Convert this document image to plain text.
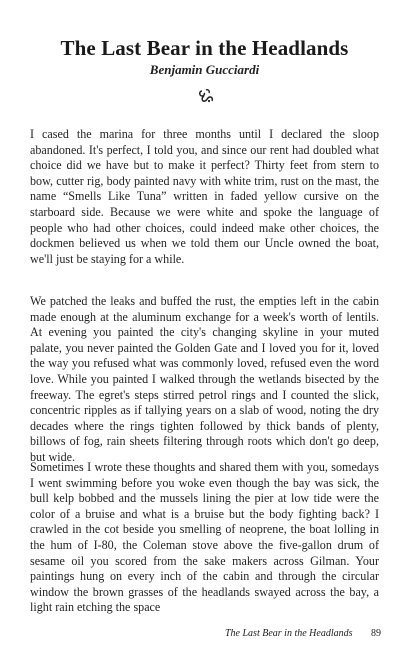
The Last Bear in the Headlands
Benjamin Gucciardi

I cased the marina for three months until I declared the sloop abandoned. It's perfect, I told you, and since our rent had doubled what choice did we have but to make it perfect? Thirty feet from stern to bow, cutter rig, body painted navy with white trim, rust on the mast, the name “Smells Like Tuna” written in faded yellow cursive on the starboard side. Because we were white and spoke the language of people who had other choices, could indeed make other choices, the dockmen believed us when we told them our Uncle owned the boat, we'll just be staying for a while.

We patched the leaks and buffed the rust, the empties left in the cabin made enough at the aluminum exchange for a week's worth of lentils. At evening you painted the city's changing skyline in your muted palate, you never painted the Golden Gate and I loved you for it, loved the way you refused what was commonly loved, refused even the word love. While you painted I walked through the wetlands bisected by the freeway. The egret's steps stirred petrol rings and I counted the slick, concentric ripples as if tallying years on a slab of wood, noting the dry decades where the rings tighten followed by thick bands of plenty, billows of fog, rain sheets filtering through roots which don't go deep, but wide.

Sometimes I wrote these thoughts and shared them with you, somedays I went swimming before you woke even though the bay was sick, the bull kelp bobbed and the mussels lining the pier at low tide were the color of a bruise and what is a bruise but the body fighting back? I crawled in the cot beside you smelling of neoprene, the boat lolling in the hum of I-80, the Coleman stove above the five-gallon drum of sesame oil you scored from the sake makers across Gilman. Your paintings hung on every inch of the cabin and through the circular window the brown grasses of the headlands swayed across the bay, a light rain etching the space

The Last Bear in the Headlands 89
